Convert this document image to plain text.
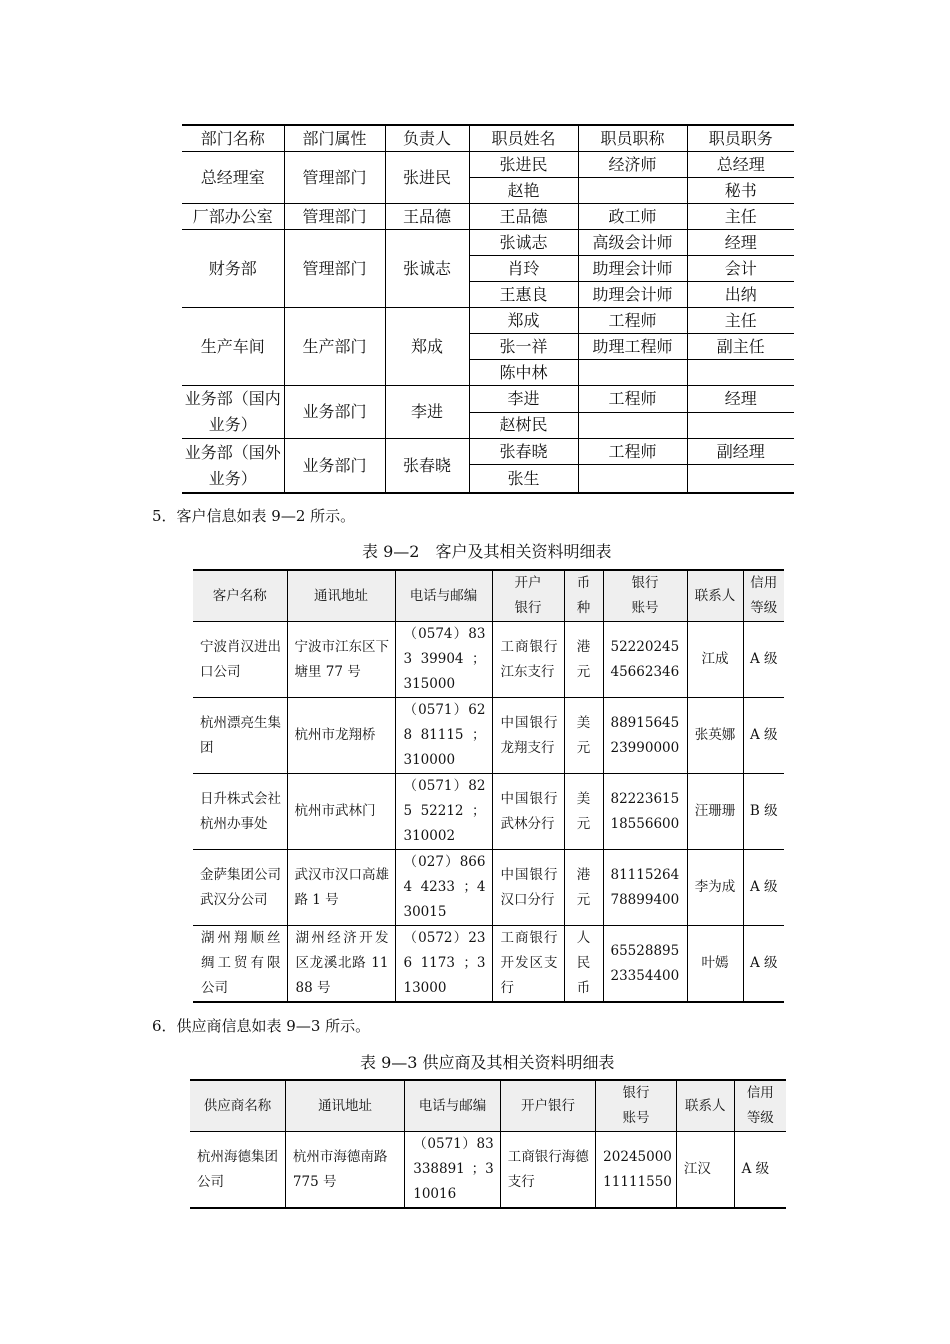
部门名称	部门属性	负责人	职员姓名	职员职称	职员职务
总经理室	管理部门	张进民	张进民	经济师	总经理
			赵艳		秘书
厂部办公室	管理部门	王品德	王品德	政工师	主任
财务部	管理部门	张诚志	张诚志	高级会计师	经理
			肖玲	助理会计师	会计
			王惠良	助理会计师	出纳
生产车间	生产部门	郑成	郑成	工程师	主任
			张一祥	助理工程师	副主任
			陈中林		
业务部（国内业务）	业务部门	李进	李进	工程师	经理
			赵树民		
业务部（国外业务）	业务部门	张春晓	张春晓	工程师	副经理
			张生		
5．客户信息如表 9—2 所示。
表 9—2　客户及其相关资料明细表
客户名称	通讯地址	电话与邮编	开户银行	币种	银行账号	联系人	信用等级
宁波肖汉进出口公司	宁波市江东区下塘里 77 号	（0574）833 39904 ；315000	工商银行江东支行	港元	52220245 45662346	江成	A 级
杭州漂亮生集团	杭州市龙翔桥	（0571）628 81115 ；310000	中国银行龙翔支行	美元	88915645 23990000	张英娜	A 级
日升株式会社杭州办事处	杭州市武林门	（0571）825 52212 ；310002	中国银行武林分行	美元	82223615 18556600	汪珊珊	B 级
金萨集团公司武汉分公司	武汉市汉口高雄路 1 号	（027）8664 4233 ；430015	中国银行汉口分行	港元	81115264 78899400	李为成	A 级
湖州翔顺丝绸工贸有限公司	湖州经济开发区龙溪北路 1188 号	（0572）236 1173 ；313000	工商银行开发区支行	人民币	65528895 23354400	叶嫣	A 级
6．供应商信息如表 9—3 所示。
表 9—3 供应商及其相关资料明细表
供应商名称	通讯地址	电话与邮编	开户银行	银行账号	联系人	信用等级
杭州海德集团公司	杭州市海德南路 775 号	（0571）83 338891 ；310016	工商银行海德支行	20245000 11111550	江汉	A 级
